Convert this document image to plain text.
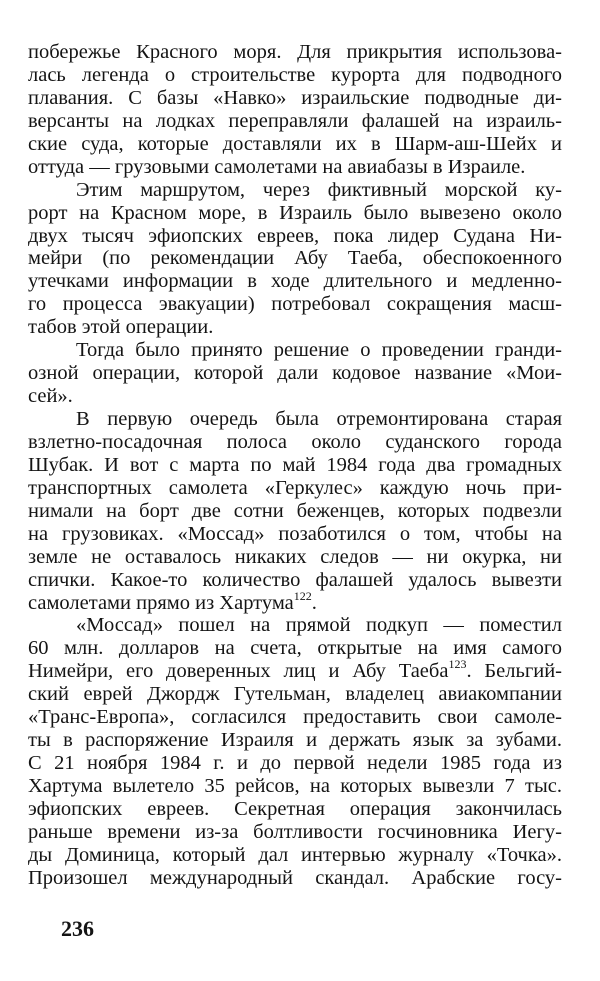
побережье Красного моря. Для прикрытия использова-
лась легенда о строительстве курорта для подводного
плавания. С базы «Навко» израильские подводные ди-
версанты на лодках переправляли фалашей на израиль-
ские суда, которые доставляли их в Шарм-аш-Шейх и
оттуда — грузовыми самолетами на авиабазы в Израиле.
Этим маршрутом, через фиктивный морской ку-
рорт на Красном море, в Израиль было вывезено около
двух тысяч эфиопских евреев, пока лидер Судана Ни-
мейри (по рекомендации Абу Таеба, обеспокоенного
утечками информации в ходе длительного и медленно-
го процесса эвакуации) потребовал сокращения масш-
табов этой операции.
Тогда было принято решение о проведении гранди-
озной операции, которой дали кодовое название «Мои-
сей».
В первую очередь была отремонтирована старая
взлетно-посадочная полоса около суданского города
Шубак. И вот с марта по май 1984 года два громадных
транспортных самолета «Геркулес» каждую ночь при-
нимали на борт две сотни беженцев, которых подвезли
на грузовиках. «Моссад» позаботился о том, чтобы на
земле не оставалось никаких следов — ни окурка, ни
спички. Какое-то количество фалашей удалось вывезти
самолетами прямо из Хартума$^{122}$.
«Моссад» пошел на прямой подкуп — поместил
60 млн. долларов на счета, открытые на имя самого
Нимейри, его доверенных лиц и Абу Таеба$^{123}$. Бельгий-
ский еврей Джордж Гутельман, владелец авиакомпании
«Транс-Европа», согласился предоставить свои самоле-
ты в распоряжение Израиля и держать язык за зубами.
С 21 ноября 1984 г. и до первой недели 1985 года из
Хартума вылетело 35 рейсов, на которых вывезли 7 тыс.
эфиопских евреев. Секретная операция закончилась
раньше времени из-за болтливости госчиновника Иегу-
ды Доминица, который дал интервью журналу «Точка».
Произошел международный скандал. Арабские госу-
236
